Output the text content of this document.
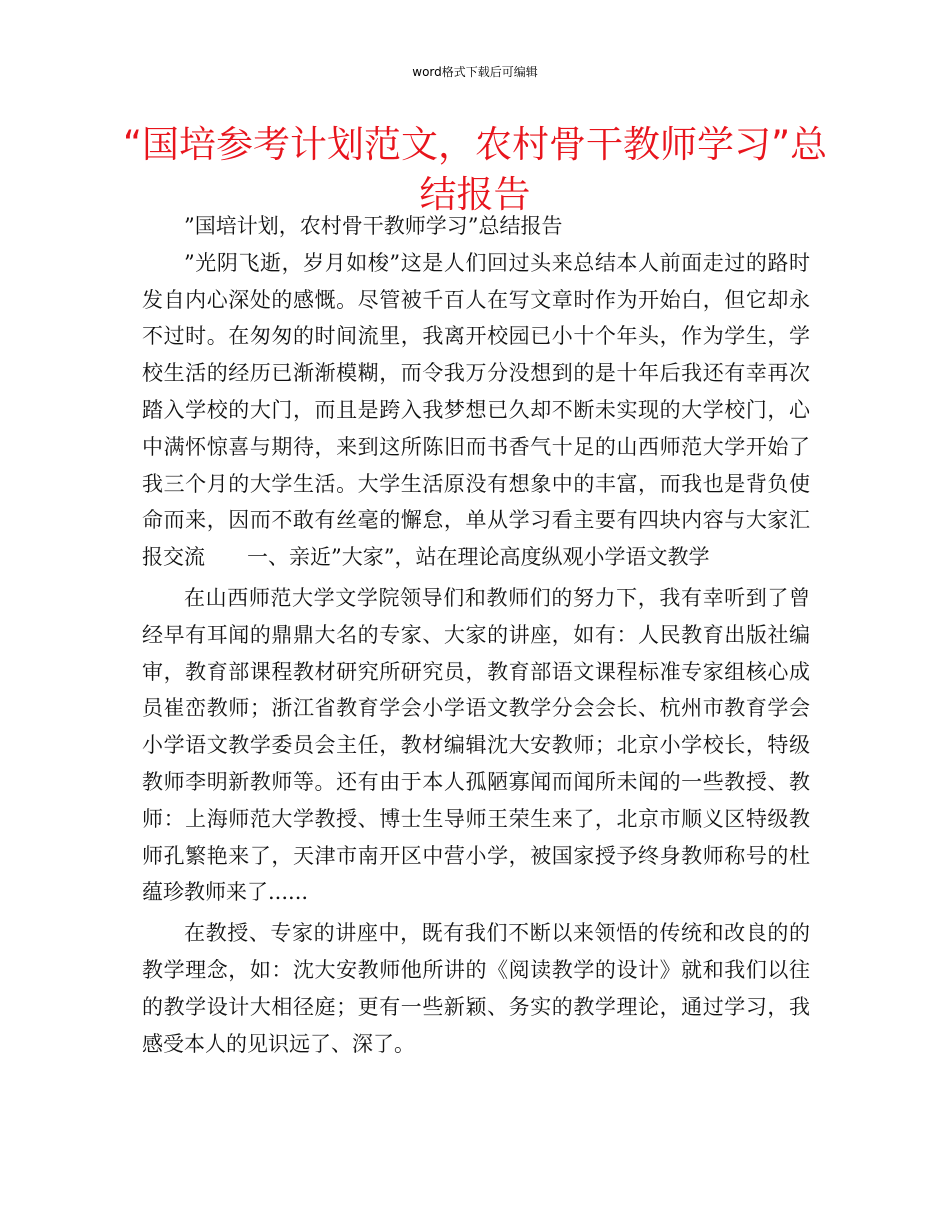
word格式下载后可编辑
“国培参考计划范文，农村骨干教师学习”总结报告

”国培计划，农村骨干教师学习”总结报告

”光阴飞逝，岁月如梭”这是人们回过头来总结本人前面走过的路时发自内心深处的感慨。尽管被千百人在写文章时作为开始白，但它却永不过时。在匆匆的时间流里，我离开校园已小十个年头，作为学生，学校生活的经历已渐渐模糊，而令我万分没想到的是十年后我还有幸再次踏入学校的大门，而且是跨入我梦想已久却不断未实现的大学校门，心中满怀惊喜与期待，来到这所陈旧而书香气十足的山西师范大学开始了我三个月的大学生活。大学生活原没有想象中的丰富，而我也是背负使命而来，因而不敢有丝毫的懈怠，单从学习看主要有四块内容与大家汇报交流　　一、亲近”大家”，站在理论高度纵观小学语文教学

在山西师范大学文学院领导们和教师们的努力下，我有幸听到了曾经早有耳闻的鼎鼎大名的专家、大家的讲座，如有：人民教育出版社编审，教育部课程教材研究所研究员，教育部语文课程标准专家组核心成员崔峦教师；浙江省教育学会小学语文教学分会会长、杭州市教育学会小学语文教学委员会主任，教材编辑沈大安教师；北京小学校长，特级教师李明新教师等。还有由于本人孤陋寡闻而闻所未闻的一些教授、教师：上海师范大学教授、博士生导师王荣生来了，北京市顺义区特级教师孔繁艳来了，天津市南开区中营小学，被国家授予终身教师称号的杜蕴珍教师来了......

在教授、专家的讲座中，既有我们不断以来领悟的传统和改良的的教学理念，如：沈大安教师他所讲的《阅读教学的设计》就和我们以往的教学设计大相径庭；更有一些新颖、务实的教学理论，通过学习，我感受本人的见识远了、深了。
